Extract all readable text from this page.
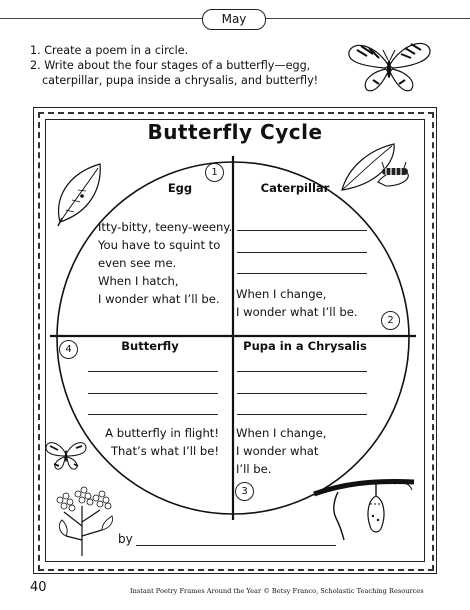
May
1. Create a poem in a circle.
2. Write about the four stages of a butterfly—egg,
caterpillar, pupa inside a chrysalis, and butterfly!
Butterfly Cycle
1
Egg
Itty-bitty, teeny-weeny.
You have to squint to
even see me.
When I hatch,
I wonder what I’ll be.
Caterpillar
When I change,
I wonder what I’ll be.
2
4	Butterfly
A butterfly in flight!
That’s what I’ll be!
Pupa in a Chrysalis
When I change,
I wonder what
I’ll be.
3
by
40	Instant Poetry Frames Around the Year © Betsy Franco, Scholastic Teaching Resources
